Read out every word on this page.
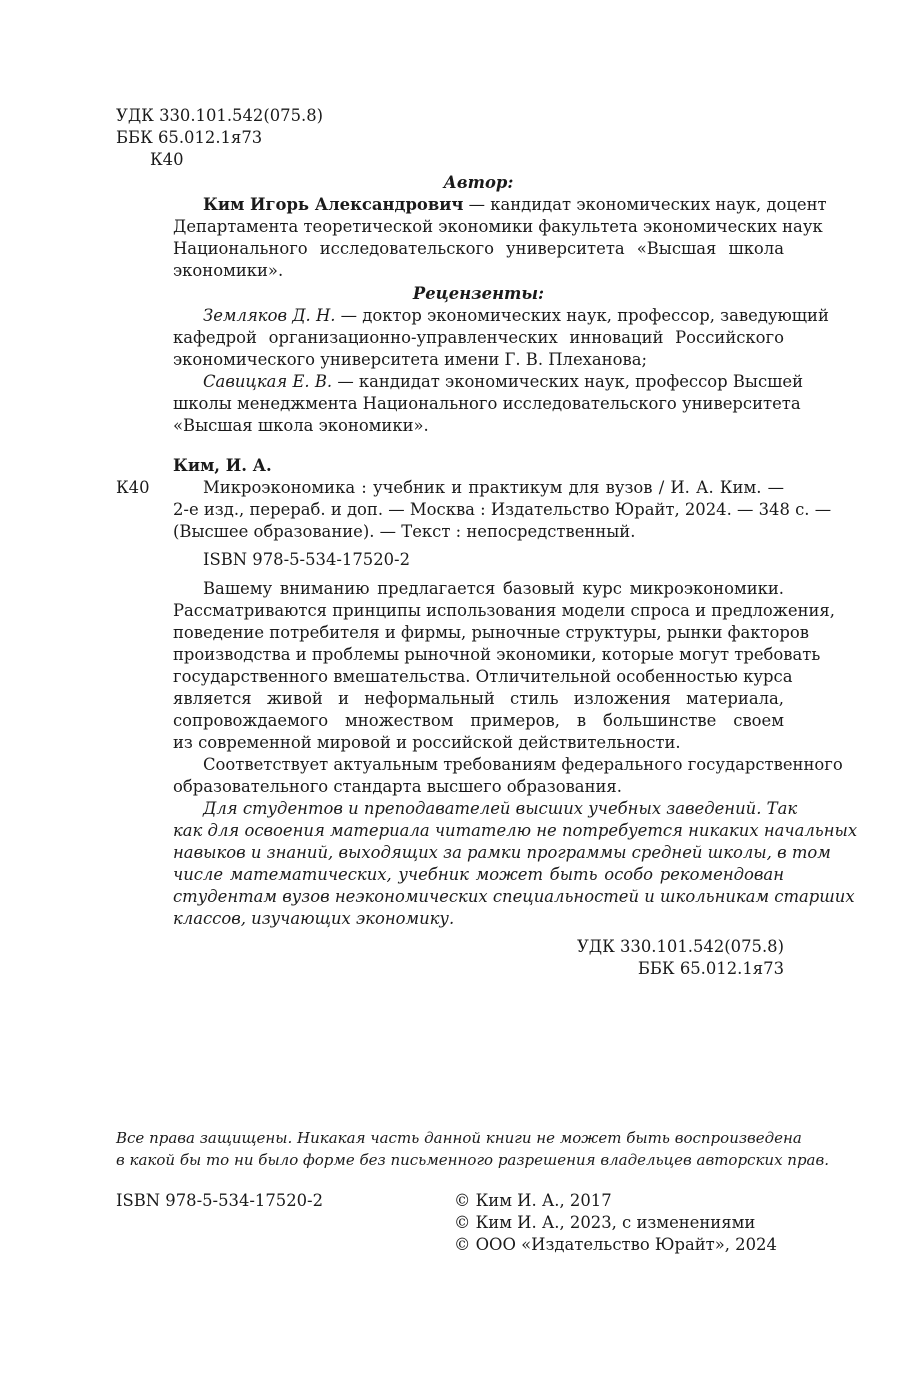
УДК 330.101.542(075.8)
ББК 65.012.1я73
К40
Автор:
Ким Игорь Александрович — кандидат экономических наук, доцент
Департамента теоретической экономики факультета экономических наук
Национального исследовательского университета «Высшая школа
экономики».
Рецензенты:
Земляков Д. Н. — доктор экономических наук, профессор, заведующий
кафедрой организационно-управленческих инноваций Российского
экономического университета имени Г. В. Плеханова;
Савицкая Е. В. — кандидат экономических наук, профессор Высшей
школы менеджмента Национального исследовательского университета
«Высшая школа экономики».
Ким, И. А.
Микроэкономика : учебник и практикум для вузов / И. А. Ким. —
2-е изд., перераб. и доп. — Москва : Издательство Юрайт, 2024. — 348 с. —
(Высшее образование). — Текст : непосредственный.
ISBN 978-5-534-17520-2
К40
Вашему вниманию предлагается базовый курс микроэкономики.
Рассматриваются принципы использования модели спроса и предложения,
поведение потребителя и фирмы, рыночные структуры, рынки факторов
производства и проблемы рыночной экономики, которые могут требовать
государственного вмешательства. Отличительной особенностью курса
является живой и неформальный стиль изложения материала,
сопровождаемого множеством примеров, в большинстве своем
из современной мировой и российской действительности.
Соответствует актуальным требованиям федерального государственного
образовательного стандарта высшего образования.
Для студентов и преподавателей высших учебных заведений. Так
как для освоения материала читателю не потребуется никаких начальных
навыков и знаний, выходящих за рамки программы средней школы, в том
числе математических, учебник может быть особо рекомендован
студентам вузов неэкономических специальностей и школьникам старших
классов, изучающих экономику.
УДК 330.101.542(075.8)
ББК 65.012.1я73
Все права защищены. Никакая часть данной книги не может быть воспроизведена
в какой бы то ни было форме без письменного разрешения владельцев авторских прав.
ISBN 978-5-534-17520-2	© Ким И. А., 2017
© Ким И. А., 2023, с изменениями
© ООО «Издательство Юрайт», 2024
